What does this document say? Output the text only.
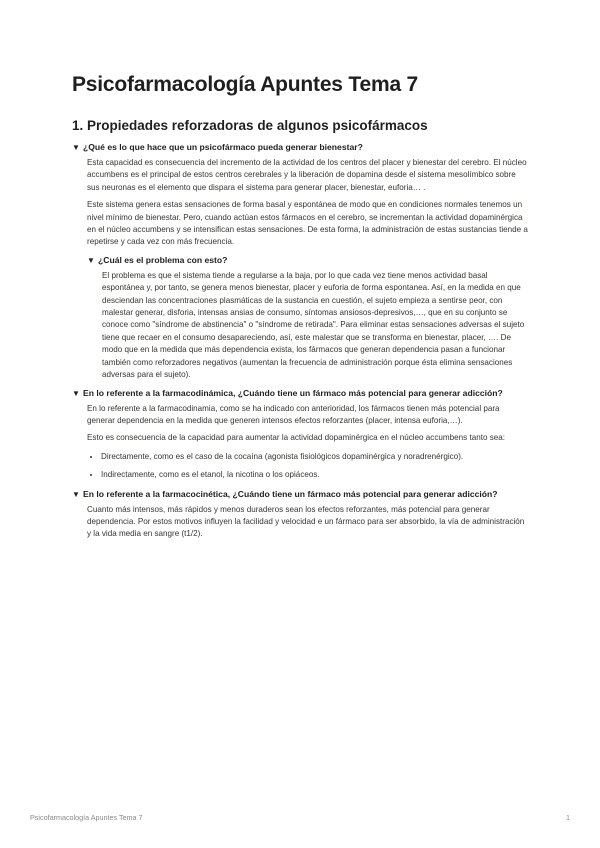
Psicofarmacología Apuntes Tema 7
1. Propiedades reforzadoras de algunos psicofármacos
▼ ¿Qué es lo que hace que un psicofármaco pueda generar bienestar?

Esta capacidad es consecuencia del incremento de la actividad de los centros del placer y bienestar del cerebro. El núcleo accumbens es el principal de estos centros cerebrales y la liberación de dopamina desde el sistema mesolímbico sobre sus neuronas es el elemento que dispara el sistema para generar placer, bienestar, euforia… .

Este sistema genera estas sensaciones de forma basal y espontánea de modo que en condiciones normales tenemos un nivel mínimo de bienestar. Pero, cuando actúan estos fármacos en el cerebro, se incrementan la actividad dopaminérgica en el núcleo accumbens y se intensifican estas sensaciones. De esta forma, la administración de estas sustancias tiende a repetirse y cada vez con más frecuencia.

▼ ¿Cuál es el problema con esto?

El problema es que el sistema tiende a regularse a la baja, por lo que cada vez tiene menos actividad basal espontánea y, por tanto, se genera menos bienestar, placer y euforia de forma espontanea. Así, en la medida en que desciendan las concentraciones plasmáticas de la sustancia en cuestión, el sujeto empieza a sentirse peor, con malestar generar, disforia, intensas ansias de consumo, síntomas ansiosos-depresivos,…, que en su conjunto se conoce como "síndrome de abstinencia" o "síndrome de retirada". Para eliminar estas sensaciones adversas el sujeto tiene que recaer en el consumo desapareciendo, así, este malestar que se transforma en bienestar, placer, …. De modo que en la medida que más dependencia exista, los fármacos que generan dependencia pasan a funcionar también como reforzadores negativos (aumentan la frecuencia de administración porque ésta elimina sensaciones adversas para el sujeto).

▼ En lo referente a la farmacodinámica, ¿Cuándo tiene un fármaco más potencial para generar adicción?

En lo referente a la farmacodinamia, como se ha indicado con anterioridad, los fármacos tienen más potencial para generar dependencia en la medida que generen intensos efectos reforzantes (placer, intensa euforia,…).

Esto es consecuencia de la capacidad para aumentar la actividad dopaminérgica en el núcleo accumbens tanto sea:

• Directamente, como es el caso de la cocaína (agonista fisiológicos dopaminérgica y noradrenérgico).
• Indirectamente, como es el etanol, la nicotina o los opiáceos.
▼ En lo referente a la farmacocinética, ¿Cuándo tiene un fármaco más potencial para generar adicción?

Cuanto más intensos, más rápidos y menos duraderos sean los efectos reforzantes, más potencial para generar dependencia. Por estos motivos influyen la facilidad y velocidad e un fármaco para ser absorbido, la vía de administración y la vida media en sangre (t1/2).

Psicofarmacología Apuntes Tema 7	1
